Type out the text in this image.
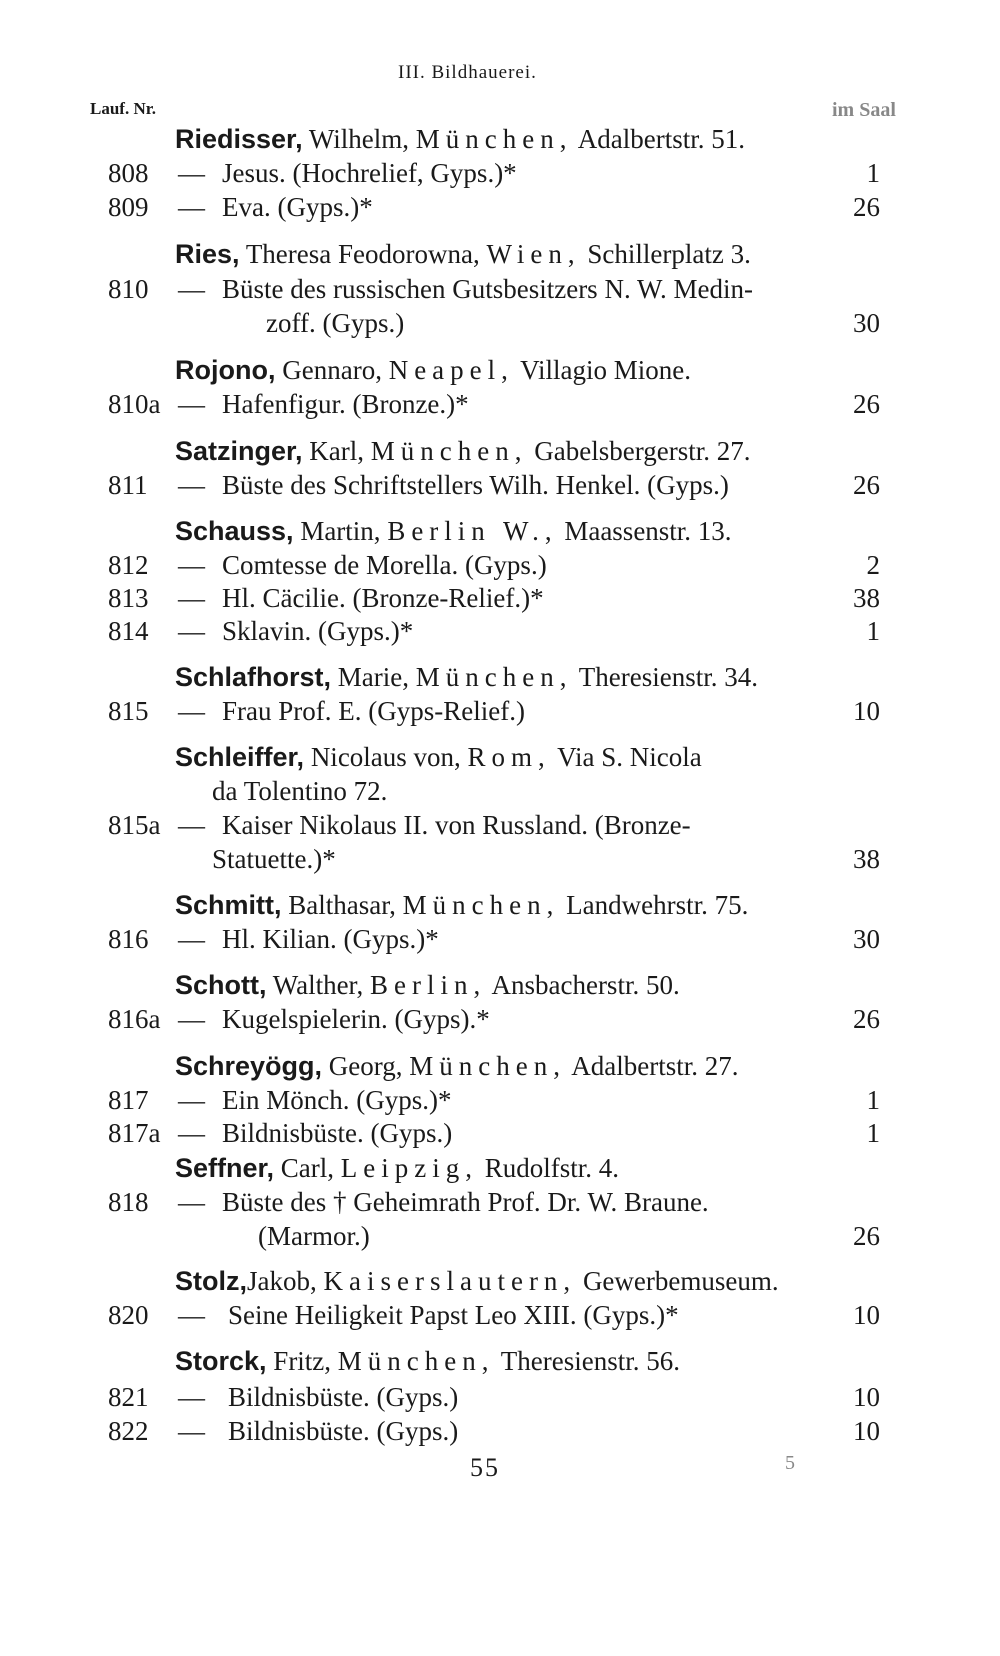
III. Bildhauerei.
Lauf. Nr.	im Saal
Riedisser, Wilhelm, München, Adalbertstr. 51.
808 — Jesus. (Hochrelief, Gyps.)*	1
809 — Eva. (Gyps.)*	26
Ries, Theresa Feodorowna, Wien, Schillerplatz 3.
810 — Büste des russischen Gutsbesitzers N. W. Medin-
zoff. (Gyps.)	30
Rojono, Gennaro, Neapel, Villagio Mione.
810a — Hafenfigur. (Bronze.)*	26
Satzinger, Karl, München, Gabelsbergerstr. 27.
811 — Büste des Schriftstellers Wilh. Henkel. (Gyps.)	26
Schauss, Martin, Berlin W., Maassenstr. 13.
812 — Comtesse de Morella. (Gyps.)	2
813 — Hl. Cäcilie. (Bronze-Relief.)*	38
814 — Sklavin. (Gyps.)*	1
Schlafhorst, Marie, München, Theresienstr. 34.
815 — Frau Prof. E. (Gyps-Relief.)	10
Schleiffer, Nicolaus von, Rom, Via S. Nicola
da Tolentino 72.
815a — Kaiser Nikolaus II. von Russland. (Bronze-
Statuette.)*	38
Schmitt, Balthasar, München, Landwehrstr. 75.
816 — Hl. Kilian. (Gyps.)*	30
Schott, Walther, Berlin, Ansbacherstr. 50.
816a — Kugelspielerin. (Gyps).*	26
Schreyögg, Georg, München, Adalbertstr. 27.
817 — Ein Mönch. (Gyps.)*	1
817a — Bildnisbüste. (Gyps.)	1
Seffner, Carl, Leipzig, Rudolfstr. 4.
818 — Büste des † Geheimrath Prof. Dr. W. Braune.
(Marmor.)	26
Stolz,Jakob, Kaiserslautern, Gewerbemuseum.
820 — Seine Heiligkeit Papst Leo XIII. (Gyps.)*	10
Storck, Fritz, München, Theresienstr. 56.
821 — Bildnisbüste. (Gyps.)	10
822 — Bildnisbüste. (Gyps.)	10
55	5
